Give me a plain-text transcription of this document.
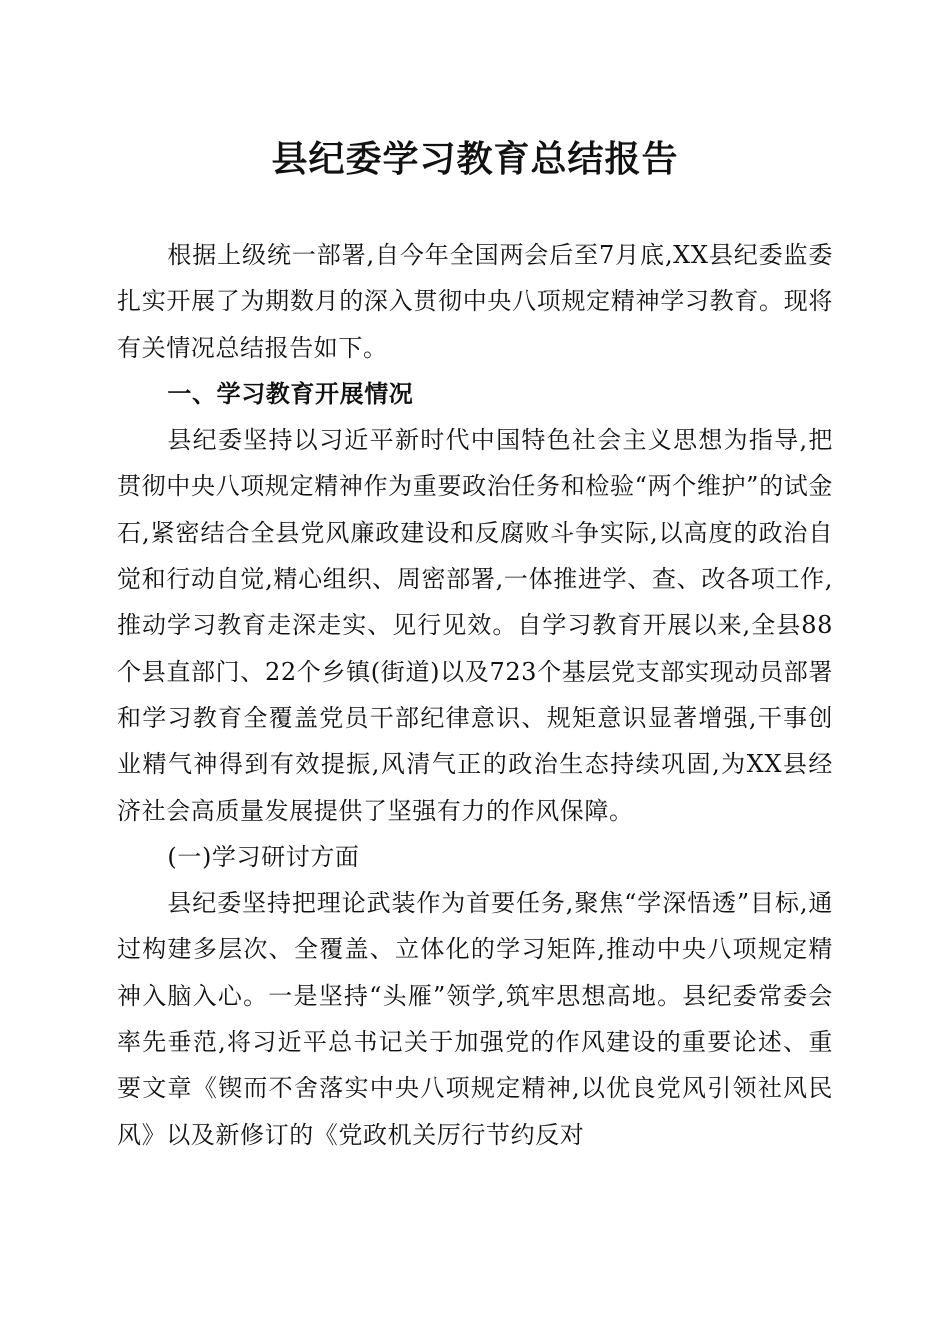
县纪委学习教育总结报告

根据上级统一部署,自今年全国两会后至7月底,XX县纪委监委扎实开展了为期数月的深入贯彻中央八项规定精神学习教育。现将有关情况总结报告如下。

一、学习教育开展情况

县纪委坚持以习近平新时代中国特色社会主义思想为指导,把贯彻中央八项规定精神作为重要政治任务和检验“两个维护”的试金石,紧密结合全县党风廉政建设和反腐败斗争实际,以高度的政治自觉和行动自觉,精心组织、周密部署,一体推进学、查、改各项工作,推动学习教育走深走实、见行见效。自学习教育开展以来,全县88个县直部门、22个乡镇(街道)以及723个基层党支部实现动员部署和学习教育全覆盖党员干部纪律意识、规矩意识显著增强,干事创业精气神得到有效提振,风清气正的政治生态持续巩固,为XX县经济社会高质量发展提供了坚强有力的作风保障。

(一)学习研讨方面

县纪委坚持把理论武装作为首要任务,聚焦“学深悟透”目标,通过构建多层次、全覆盖、立体化的学习矩阵,推动中央八项规定精神入脑入心。一是坚持“头雁”领学,筑牢思想高地。县纪委常委会率先垂范,将习近平总书记关于加强党的作风建设的重要论述、重要文章《锲而不舍落实中央八项规定精神,以优良党风引领社风民风》以及新修订的《党政机关厉行节约反对
